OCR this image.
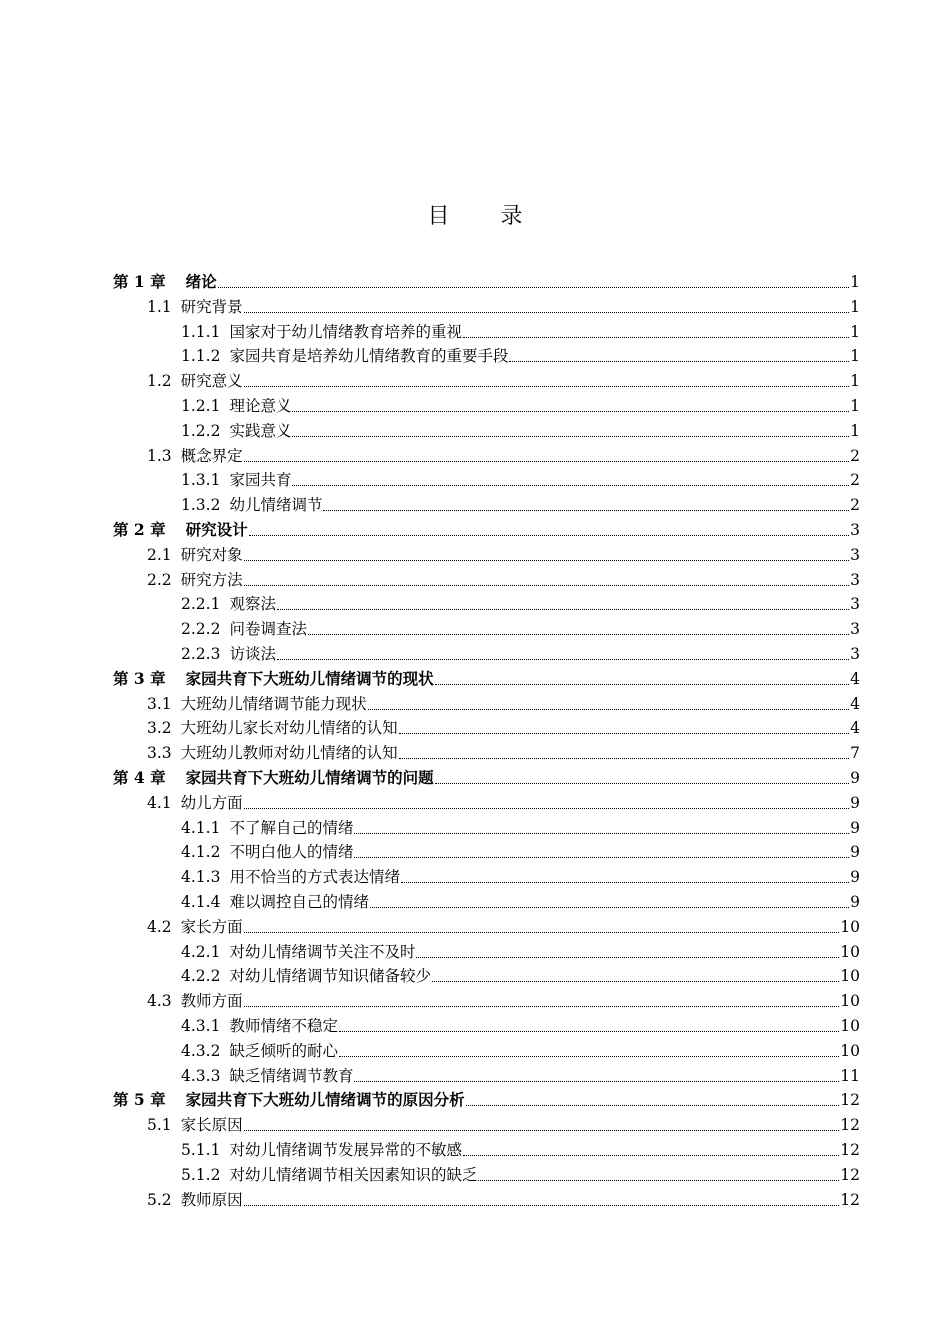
目 录
第 1 章 绪论	1
1.1 研究背景	1
1.1.1 国家对于幼儿情绪教育培养的重视	1
1.1.2 家园共育是培养幼儿情绪教育的重要手段	1
1.2 研究意义	1
1.2.1 理论意义	1
1.2.2 实践意义	1
1.3 概念界定	2
1.3.1 家园共育	2
1.3.2 幼儿情绪调节	2
第 2 章 研究设计	3
2.1 研究对象	3
2.2 研究方法	3
2.2.1 观察法	3
2.2.2 问卷调查法	3
2.2.3 访谈法	3
第 3 章 家园共育下大班幼儿情绪调节的现状	4
3.1 大班幼儿情绪调节能力现状	4
3.2 大班幼儿家长对幼儿情绪的认知	4
3.3 大班幼儿教师对幼儿情绪的认知	7
第 4 章 家园共育下大班幼儿情绪调节的问题	9
4.1 幼儿方面	9
4.1.1 不了解自己的情绪	9
4.1.2 不明白他人的情绪	9
4.1.3 用不恰当的方式表达情绪	9
4.1.4 难以调控自己的情绪	9
4.2 家长方面	10
4.2.1 对幼儿情绪调节关注不及时	10
4.2.2 对幼儿情绪调节知识储备较少	10
4.3 教师方面	10
4.3.1 教师情绪不稳定	10
4.3.2 缺乏倾听的耐心	10
4.3.3 缺乏情绪调节教育	11
第 5 章 家园共育下大班幼儿情绪调节的原因分析	12
5.1 家长原因	12
5.1.1 对幼儿情绪调节发展异常的不敏感	12
5.1.2 对幼儿情绪调节相关因素知识的缺乏	12
5.2 教师原因	12
